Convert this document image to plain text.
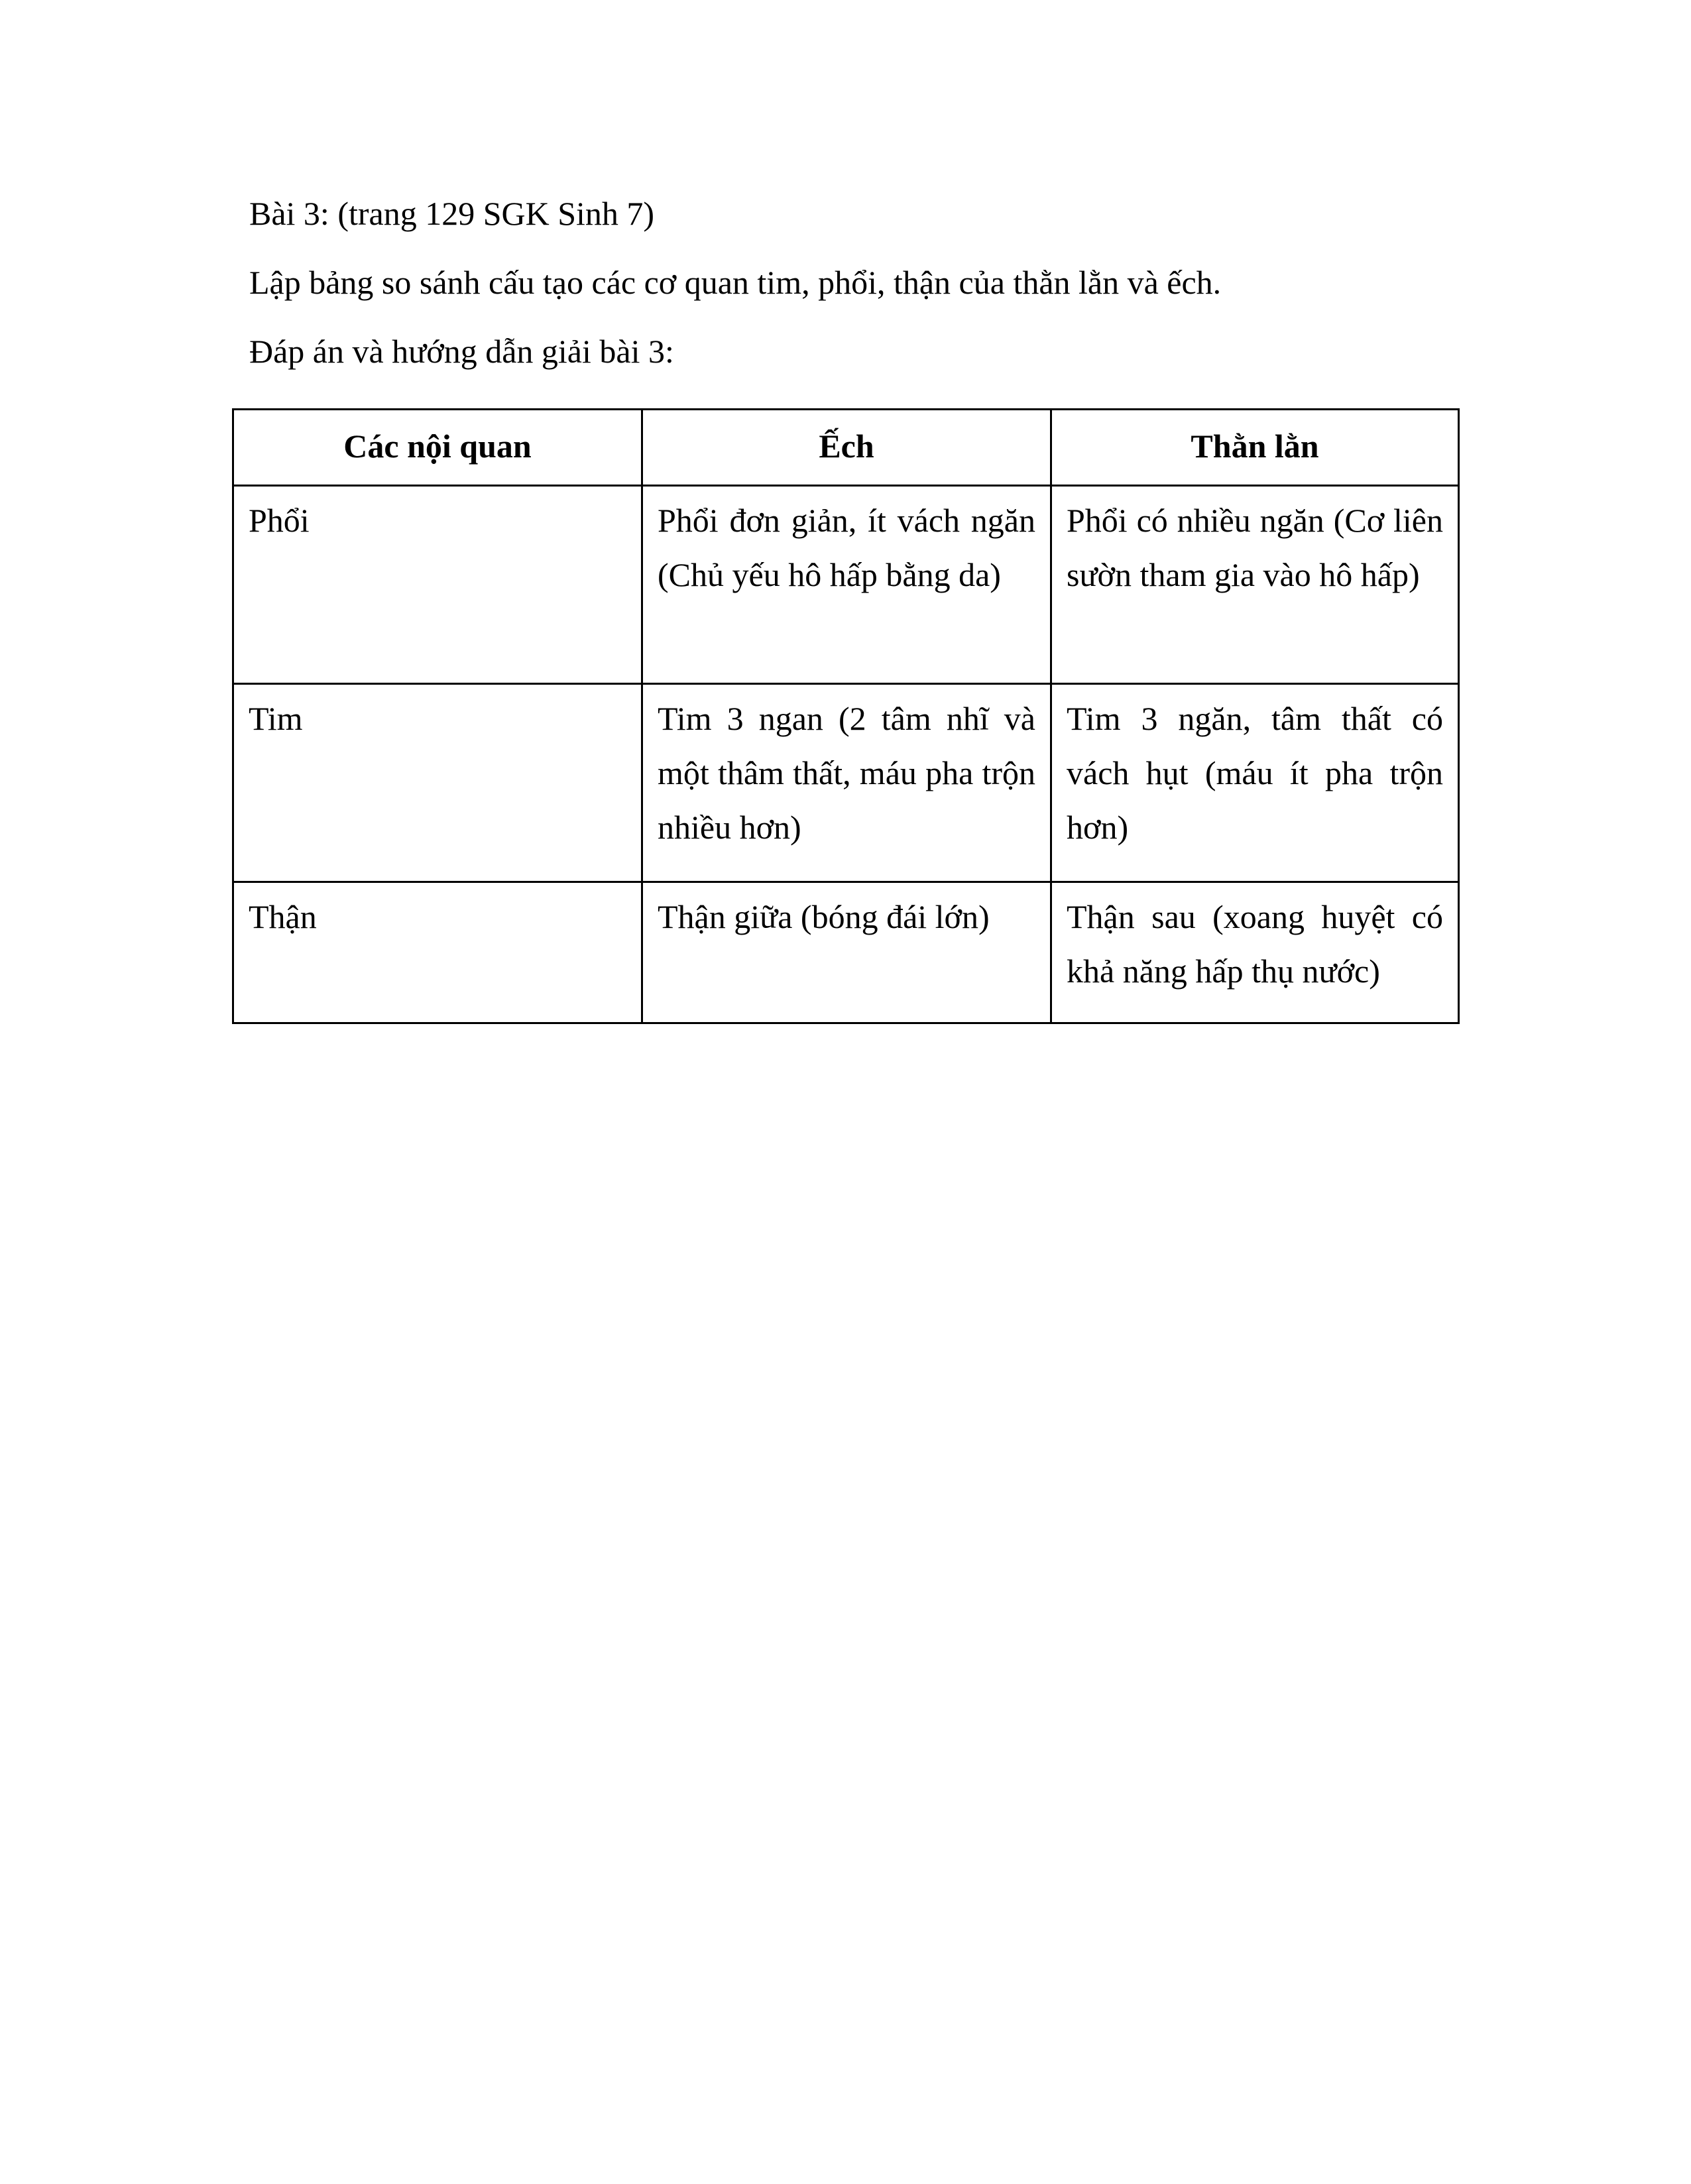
Bài 3: (trang 129 SGK Sinh 7)

Lập bảng so sánh cấu tạo các cơ quan tim, phổi, thận của thằn lằn và ếch.

Đáp án và hướng dẫn giải bài 3:

Các nội quan	Ếch	Thằn lằn
Phổi	Phổi đơn giản, ít vách ngăn (Chủ yếu hô hấp bằng da)	Phổi có nhiều ngăn (Cơ liên sườn tham gia vào hô hấp)
Tim	Tim 3 ngan (2 tâm nhĩ và một thâm thất, máu pha trộn nhiều hơn)	Tim 3 ngăn, tâm thất có vách hụt (máu ít pha trộn hơn)
Thận	Thận giữa (bóng đái lớn)	Thận sau (xoang huyệt có khả năng hấp thụ nước)
